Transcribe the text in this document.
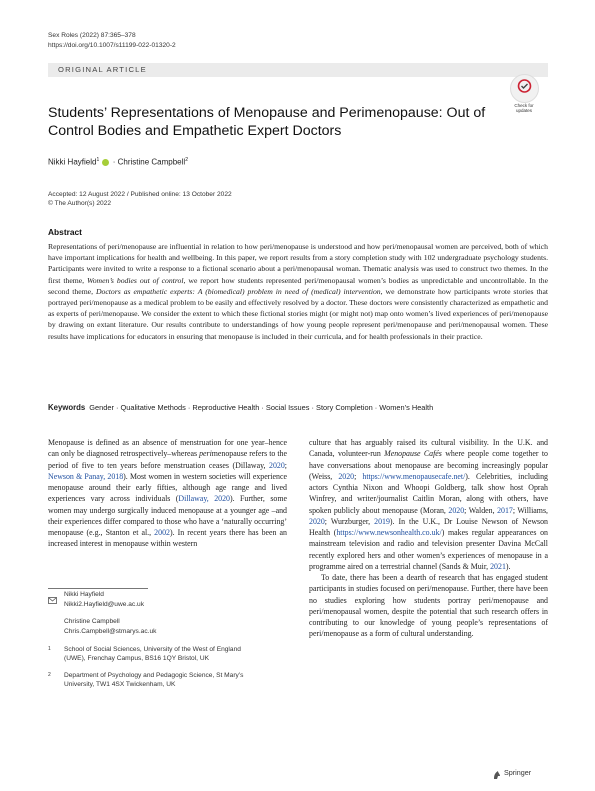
Sex Roles (2022) 87:365–378
https://doi.org/10.1007/s11199-022-01320-2
ORIGINAL ARTICLE
Check for updates
Students’ Representations of Menopause and Perimenopause: Out of Control Bodies and Empathetic Expert Doctors
Nikki Hayfield$^1$  · Christine Campbell$^2$
Accepted: 12 August 2022 / Published online: 13 October 2022
© The Author(s) 2022
Abstract

Representations of peri/menopause are influential in relation to how peri/menopause is understood and how peri/menopausal women are perceived, both of which have important implications for health and wellbeing. In this paper, we report results from a story completion study with 102 undergraduate psychology students. Participants were invited to write a response to a fictional scenario about a peri/menopausal woman. Thematic analysis was used to construct two themes. In the first theme, Women’s bodies out of control, we report how students represented peri/menopausal women’s bodies as unpredictable and uncontrollable. In the second theme, Doctors as empathetic experts: A (biomedical) problem in need of (medical) intervention, we demonstrate how participants wrote stories that portrayed peri/menopause as a medical problem to be easily and effectively resolved by a doctor. These doctors were consistently characterized as empathetic and as experts of peri/menopause. We consider the extent to which these fictional stories might (or might not) map onto women’s lived experiences of peri/menopause by drawing on extant literature. Our results contribute to understandings of how young people represent peri/menopause and peri/menopausal women. These results have implications for educators in ensuring that menopause is included in their curricula, and for health professionals in their practice.

Keywords Gender · Qualitative Methods · Reproductive Health · Social Issues · Story Completion · Women’s Health

Menopause is defined as an absence of menstruation for one year–hence can only be diagnosed retrospectively–whereas perimenopause refers to the period of five to ten years before menstruation ceases (Dillaway, 2020; Newson & Panay, 2018). Most women in western societies will experience menopause around their early fifties, although age range and lived experiences vary across individuals (Dillaway, 2020). Further, some women may undergo surgically induced menopause at a younger age –and their experiences differ compared to those who have a ‘naturally occurring’ menopause (e.g., Stanton et al., 2002). In recent years there has been an increased interest in menopause within western

Nikki Hayfield
Nikki2.Hayfield@uwe.ac.uk
Christine Campbell
Chris.Campbell@stmarys.ac.uk
1 School of Social Sciences, University of the West of England (UWE), Frenchay Campus, BS16 1QY Bristol, UK
2 Department of Psychology and Pedagogic Science, St Mary’s University, TW1 4SX Twickenham, UK

culture that has arguably raised its cultural visibility. In the U.K. and Canada, volunteer-run Menopause Cafés where people come together to have conversations about menopause are becoming increasingly popular (Weiss, 2020; https://www.menopausecafe.net/). Celebrities, including actors Cynthia Nixon and Whoopi Goldberg, talk show host Oprah Winfrey, and writer/journalist Caitlin Moran, along with others, have spoken publicly about menopause (Moran, 2020; Walden, 2017; Williams, 2020; Wurzburger, 2019). In the U.K., Dr Louise Newson of Newson Health (https://www.newsonhealth.co.uk/) makes regular appearances on mainstream television and radio and television presenter Davina McCall recently explored hers and other women’s experiences of menopause in a programme aired on a terrestrial channel (Sands & Muir, 2021).

To date, there has been a dearth of research that has engaged student participants in studies focused on peri/menopause. Further, there have been no studies exploring how students portray peri/menopause and peri/menopausal women, despite the potential that such research offers in contributing to our knowledge of young people’s representations of peri/menopause as a form of cultural understanding.

Springer
